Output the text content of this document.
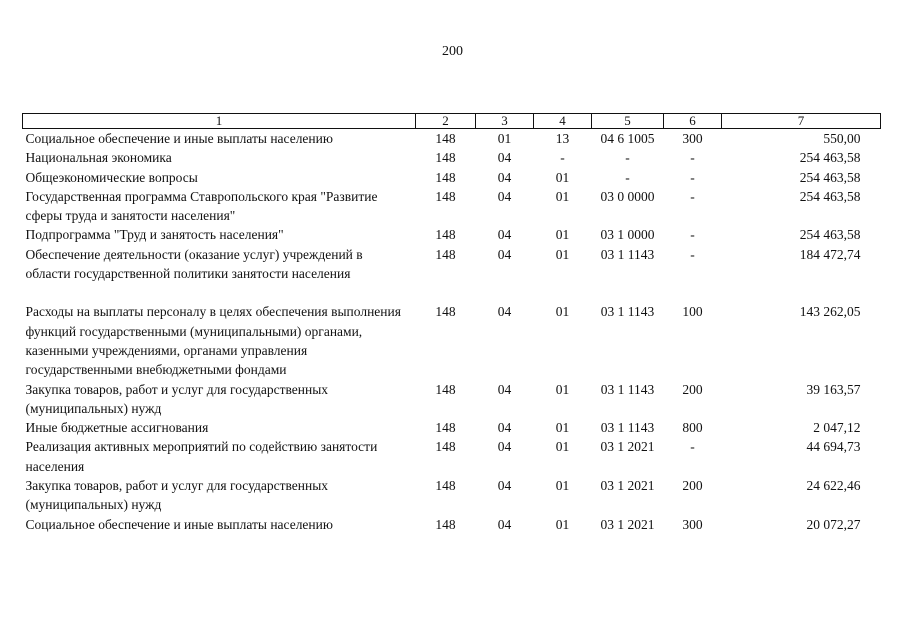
200
1	2	3	4	5	6	7
Социальное обеспечение и иные выплаты населению	148	01	13	04 6 1005	300	550,00
Национальная экономика	148	04	-	-	-	254 463,58
Общеэкономические вопросы	148	04	01	-	-	254 463,58
Государственная программа Ставропольского края "Развитие сферы труда и занятости населения"	148	04	01	03 0 0000	-	254 463,58
Подпрограмма "Труд и занятость населения"	148	04	01	03 1 0000	-	254 463,58
Обеспечение деятельности (оказание услуг) учреждений в области государственной политики занятости населения	148	04	01	03 1 1143	-	184 472,74
Расходы на выплаты персоналу в целях обеспечения выполнения функций государственными (муниципальными) органами, казенными учреждениями, органами управления государственными внебюджетными фондами	148	04	01	03 1 1143	100	143 262,05
Закупка товаров, работ и услуг для государственных (муниципальных) нужд	148	04	01	03 1 1143	200	39 163,57
Иные бюджетные ассигнования	148	04	01	03 1 1143	800	2 047,12
Реализация активных мероприятий по содействию занятости населения	148	04	01	03 1 2021	-	44 694,73
Закупка товаров, работ и услуг для государственных (муниципальных) нужд	148	04	01	03 1 2021	200	24 622,46
Социальное обеспечение и иные выплаты населению	148	04	01	03 1 2021	300	20 072,27
